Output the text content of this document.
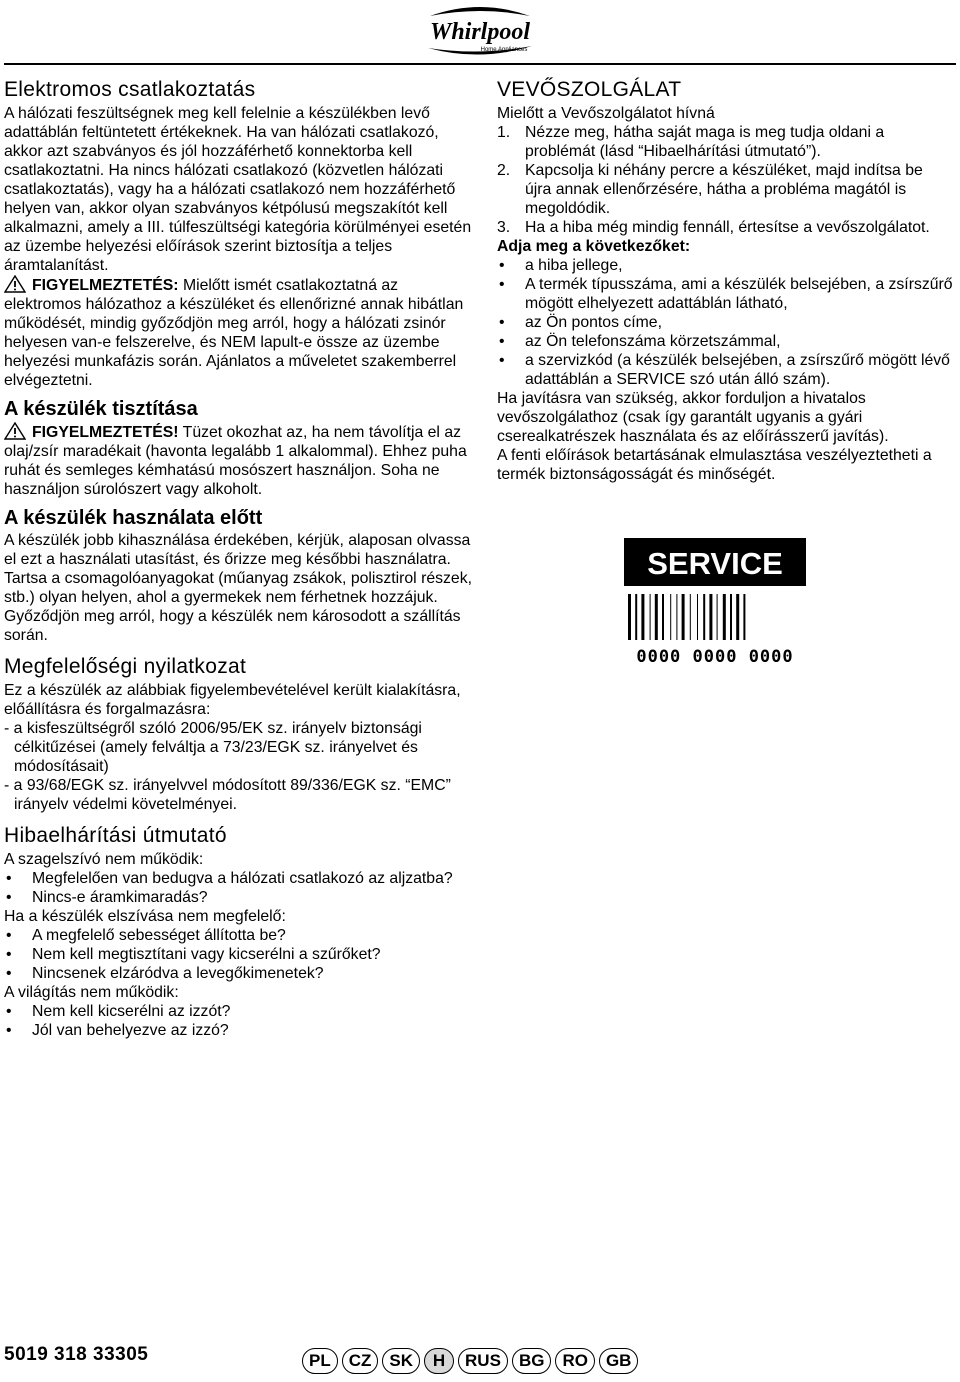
Whirlpool
Home Appliances
Elektromos csatlakoztatás

A hálózati feszültségnek meg kell felelnie a készülékben levő adattáblán feltüntetett értékeknek. Ha van hálózati csatlakozó, akkor azt szabványos és jól hozzáférhető konnektorba kell csatlakoztatni. Ha nincs hálózati csatlakozó (közvetlen hálózati csatlakoztatás), vagy ha a hálózati csatlakozó nem hozzáférhető helyen van, akkor olyan szabványos kétpólusú megszakítót kell alkalmazni, amely a III. túlfeszültségi kategória körülményei esetén az üzembe helyezési előírások szerint biztosítja a teljes áramtalanítást.

FIGYELMEZTETÉS: Mielőtt ismét csatlakoztatná az elektromos hálózathoz a készüléket és ellenőrizné annak hibátlan működését, mindig győződjön meg arról, hogy a hálózati zsinór helyesen van-e felszerelve, és NEM lapult-e össze az üzembe helyezési munkafázis során. Ajánlatos a műveletet szakemberrel elvégeztetni.

A készülék tisztítása

FIGYELMEZTETÉS! Tüzet okozhat az, ha nem távolítja el az olaj/zsír maradékait (havonta legalább 1 alkalommal). Ehhez puha ruhát és semleges kémhatású mosószert használjon. Soha ne használjon súrolószert vagy alkoholt.

A készülék használata előtt

A készülék jobb kihasználása érdekében, kérjük, alaposan olvassa el ezt a használati utasítást, és őrizze meg későbbi használatra.

Tartsa a csomagolóanyagokat (műanyag zsákok, polisztirol részek, stb.) olyan helyen, ahol a gyermekek nem férhetnek hozzájuk.

Győződjön meg arról, hogy a készülék nem károsodott a szállítás során.

Megfelelőségi nyilatkozat

Ez a készülék az alábbiak figyelembevételével került kialakításra, előállításra és forgalmazásra:

- a kisfeszültségről szóló 2006/95/EK sz. irányelv biztonsági célkitűzései (amely felváltja a 73/23/EGK sz. irányelvet és módosításait)
- a 93/68/EGK sz. irányelvvel módosított 89/336/EGK sz. “EMC” irányelv védelmi követelményei.
Hibaelhárítási útmutató

A szagelszívó nem működik:

• Megfelelően van bedugva a hálózati csatlakozó az aljzatba?
• Nincs-e áramkimaradás?

Ha a készülék elszívása nem megfelelő:

• A megfelelő sebességet állította be?
• Nem kell megtisztítani vagy kicserélni a szűrőket?
• Nincsenek elzáródva a levegőkimenetek?

A világítás nem működik:

• Nem kell kicserélni az izzót?
• Jól van behelyezve az izzó?
VEVŐSZOLGÁLAT

Mielőtt a Vevőszolgálatot hívná

1. Nézze meg, hátha saját maga is meg tudja oldani a problémát (lásd “Hibaelhárítási útmutató”).
2. Kapcsolja ki néhány percre a készüléket, majd indítsa be újra annak ellenőrzésére, hátha a probléma magától is megoldódik.
3. Ha a hiba még mindig fennáll, értesítse a vevőszolgálatot.

Adja meg a következőket:

• a hiba jellege,
• A termék típusszáma, ami a készülék belsejében, a zsírszűrő mögött elhelyezett adattáblán látható,
• az Ön pontos címe,
• az Ön telefonszáma körzetszámmal,
• a szervizkód (a készülék belsejében, a zsírszűrő mögött lévő adattáblán a SERVICE szó után álló szám).

Ha javításra van szükség, akkor forduljon a hivatalos vevőszolgálathoz (csak így garantált ugyanis a gyári cserealkatrészek használata és az előírásszerű javítás).

A fenti előírások betartásának elmulasztása veszélyeztetheti a termék biztonságosságát és minőségét.

SERVICE
0000 0000 0000
5019 318 33305	PL	CZ	SK	H	RUS	BG	RO	GB
